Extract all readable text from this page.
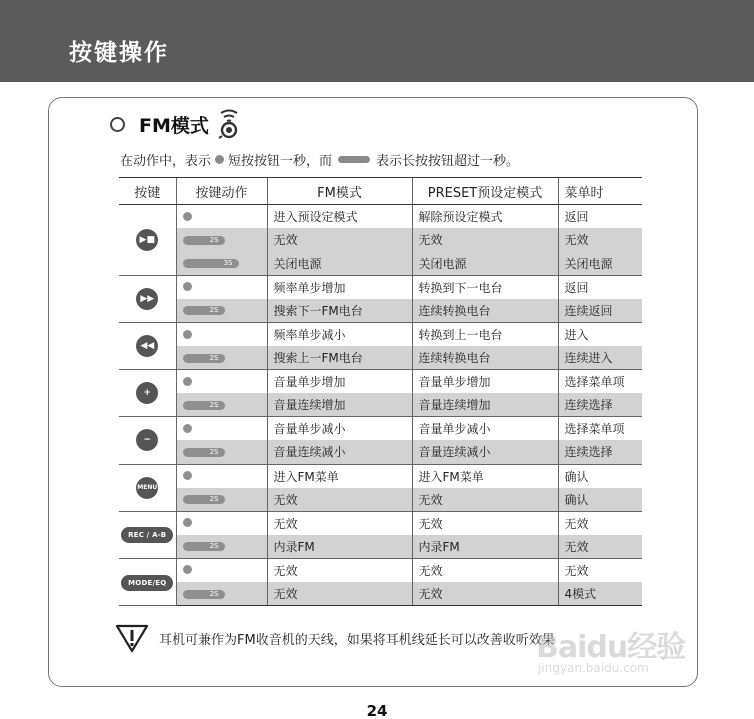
按键操作
FM模式
在动作中，表示 短按按钮一秒，而	表示长按按钮超过一秒。
按键	按键动作	FM模式	PRESET预设定模式	菜单时
▶■		进入预设定模式	解除预设定模式	返回

	2S	无效	无效	无效

	3S	关闭电源	关闭电源	关闭电源
▶▶		频率单步增加	转换到下一电台	返回

	2S	搜索下一FM电台	连续转换电台	连续返回
◀◀		频率单步减小	转换到上一电台	进入

	2S	搜索上一FM电台	连续转换电台	连续进入
+		音量单步增加	音量单步增加	选择菜单项

	2S	音量连续增加	音量连续增加	连续选择
−		音量单步减小	音量单步减小	选择菜单项

	2S	音量连续减小	音量连续减小	连续选择
MENU		进入FM菜单	进入FM菜单	确认

	2S	无效	无效	确认
REC / A-B		无效	无效	无效

	2S	内录FM	内录FM	无效
MODE/EQ		无效	无效	无效

	2S	无效	无效	4模式
耳机可兼作为FM收音机的天线，如果将耳机线延长可以改善收听效果
Baidu经验
jingyan.baidu.com
24
